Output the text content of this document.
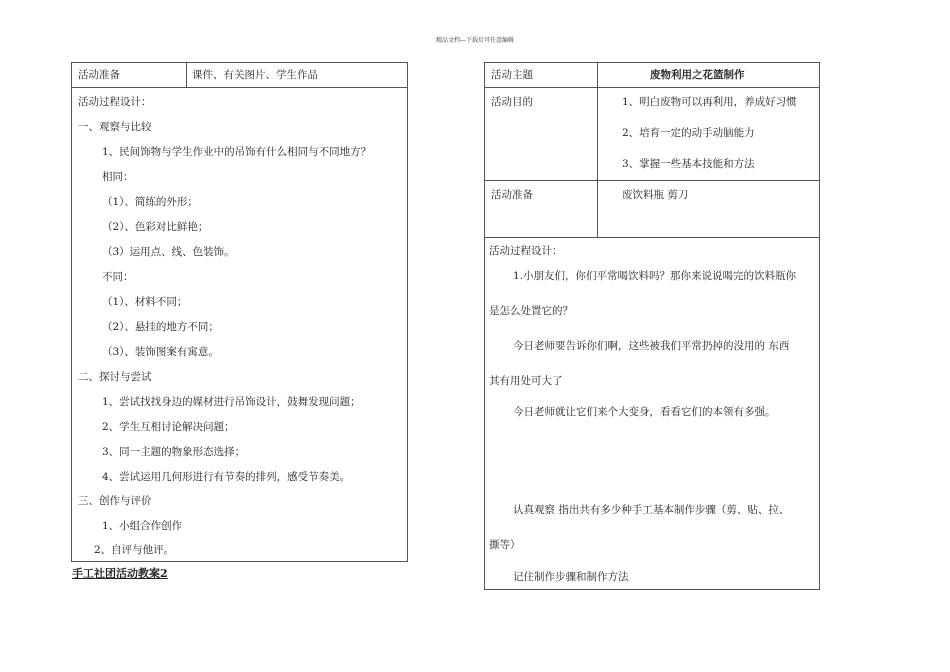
精品文档---下载后可任意编辑
活动准备	课件、有关图片、学生作品
活动过程设计：
一、观察与比较
1、民间饰物与学生作业中的吊饰有什么相同与不同地方？
相同：
（1）、简练的外形；
（2）、色彩对比鲜艳；
（3）运用点、线、色装饰。
不同：
（1）、材料不同；
（2）、悬挂的地方不同；
（3）、装饰图案有寓意。
二、探讨与尝试
1、尝试找找身边的媒材进行吊饰设计，鼓舞发现问题；
2、学生互相讨论解决问题；
3、同一主题的物象形态选择；
4、尝试运用几何形进行有节奏的排列，感受节奏美。
三、创作与评价
1、小组合作创作
2、自评与他评。
手工社团活动教案2
活动主题	废物利用之花篮制作
活动目的	1、明白废物可以再利用，养成好习惯
2、培育一定的动手动脑能力
3、掌握一些基本技能和方法
活动准备	废饮料瓶 剪刀
活动过程设计：
1.小朋友们，你们平常喝饮料吗？那你来说说喝完的饮料瓶你
是怎么处置它的？
今日老师要告诉你们啊，这些被我们平常扔掉的没用的 东西
其有用处可大了
今日老师就让它们来个大变身，看看它们的本领有多强。
认真观察 指出共有多少种手工基本制作步骤（剪、贴、拉、
撕等）
记住制作步骤和制作方法
